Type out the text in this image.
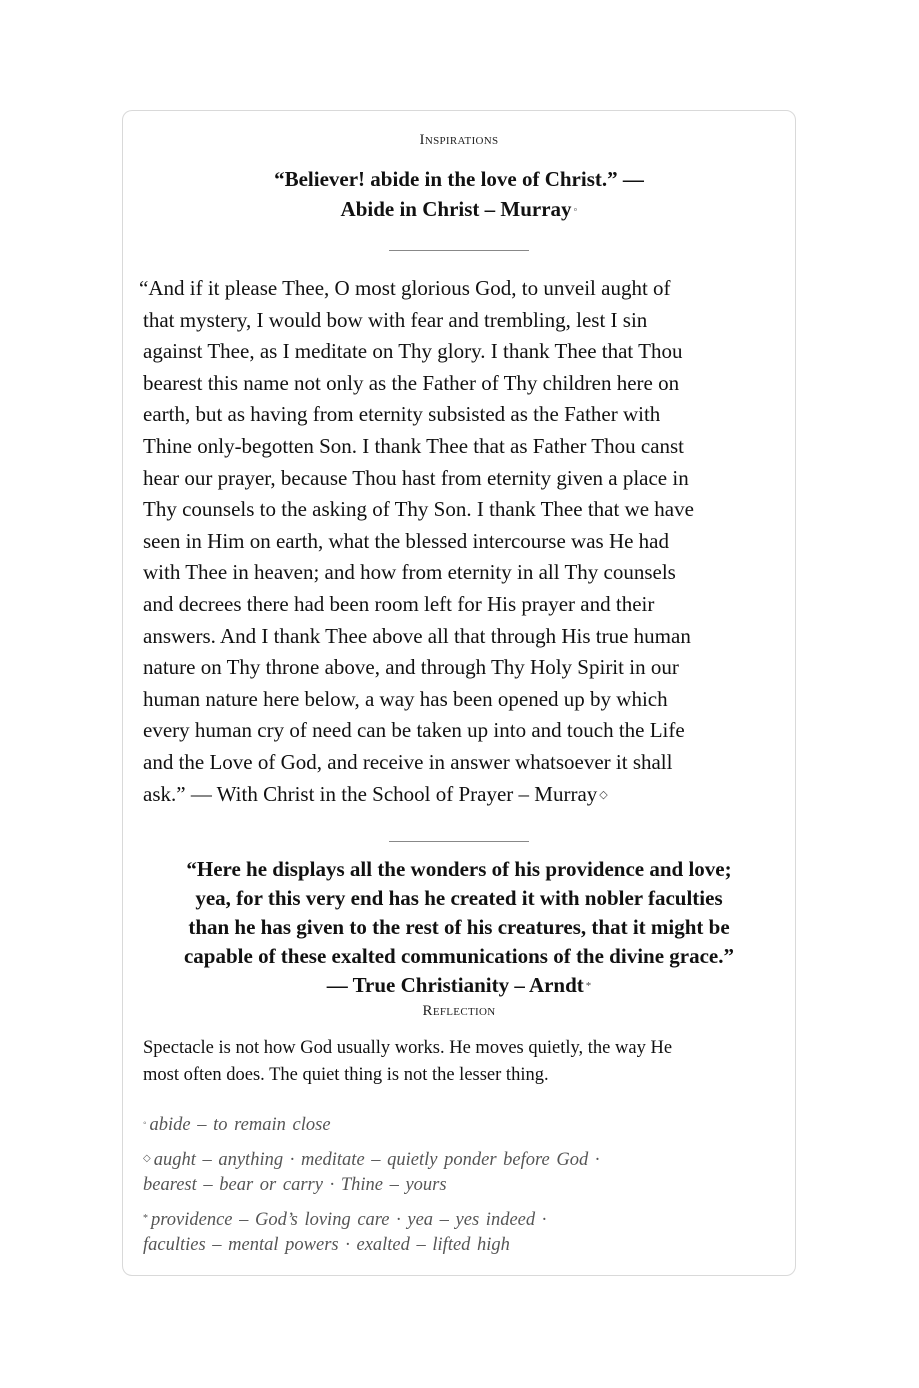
Inspirations
“Believer! abide in the love of Christ.” —
Abide in Christ – Murray ◦
“And if it please Thee, O most glorious God, to unveil aught of
that mystery, I would bow with fear and trembling, lest I sin
against Thee, as I meditate on Thy glory. I thank Thee that Thou
bearest this name not only as the Father of Thy children here on
earth, but as having from eternity subsisted as the Father with
Thine only-begotten Son. I thank Thee that as Father Thou canst
hear our prayer, because Thou hast from eternity given a place in
Thy counsels to the asking of Thy Son. I thank Thee that we have
seen in Him on earth, what the blessed intercourse was He had
with Thee in heaven; and how from eternity in all Thy counsels
and decrees there had been room left for His prayer and their
answers. And I thank Thee above all that through His true human
nature on Thy throne above, and through Thy Holy Spirit in our
human nature here below, a way has been opened up by which
every human cry of need can be taken up into and touch the Life
and the Love of God, and receive in answer whatsoever it shall
ask.” — With Christ in the School of Prayer – Murray ◇
“Here he displays all the wonders of his providence and love;
yea, for this very end has he created it with nobler faculties
than he has given to the rest of his creatures, that it might be
capable of these exalted communications of the divine grace.”
— True Christianity – Arndt *
Reflection
Spectacle is not how God usually works. He moves quietly, the way He
most often does. The quiet thing is not the lesser thing.
◦ abide – to remain close
◇ aught – anything · meditate – quietly ponder before God ·
bearest – bear or carry · Thine – yours
* providence – God’s loving care · yea – yes indeed ·
faculties – mental powers · exalted – lifted high
